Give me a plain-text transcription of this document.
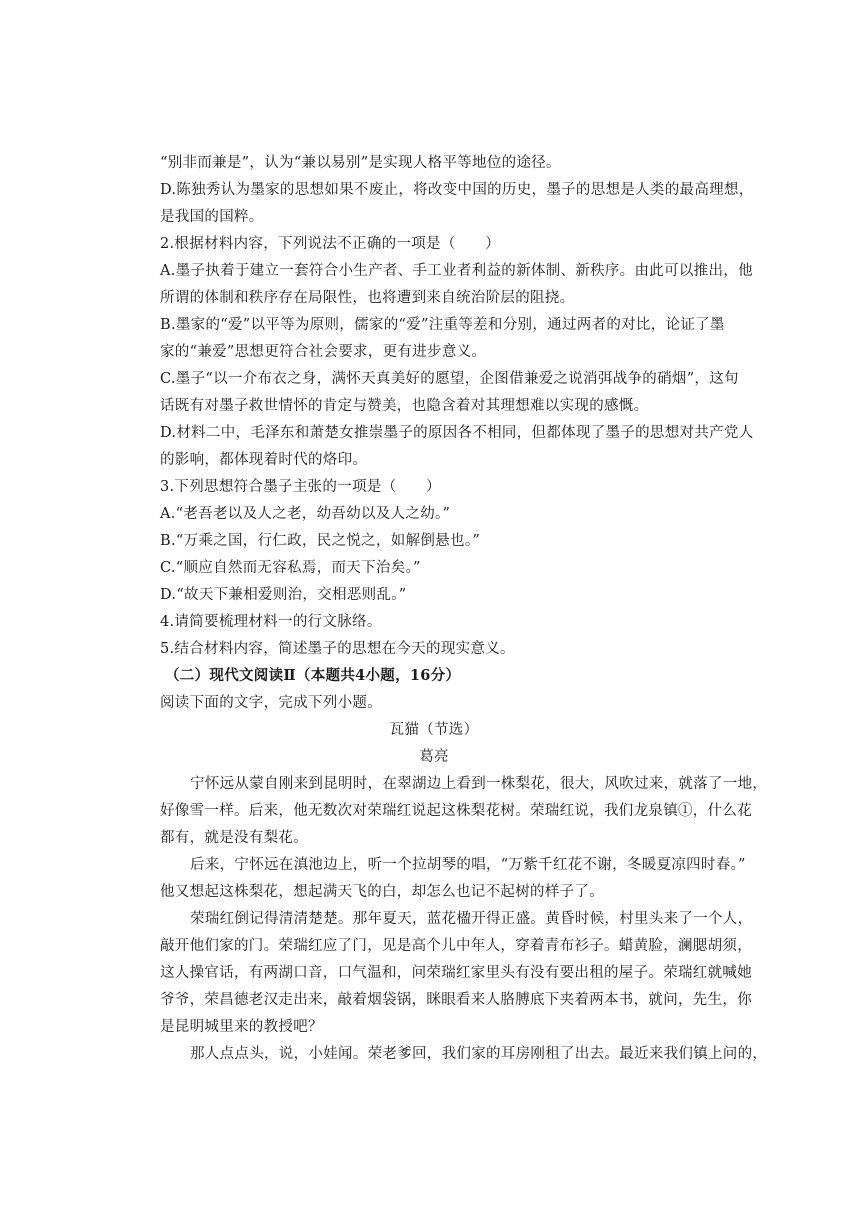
“别非而兼是”，认为“兼以易别”是实现人格平等地位的途径。
D.陈独秀认为墨家的思想如果不废止，将改变中国的历史，墨子的思想是人类的最高理想，
是我国的国粹。
2.根据材料内容，下列说法不正确的一项是（　　）
A.墨子执着于建立一套符合小生产者、手工业者利益的新体制、新秩序。由此可以推出，他
所谓的体制和秩序存在局限性，也将遭到来自统治阶层的阻挠。
B.墨家的“爱”以平等为原则，儒家的“爱”注重等差和分别，通过两者的对比，论证了墨
家的“兼爱”思想更符合社会要求，更有进步意义。
C.墨子“以一介布衣之身，满怀天真美好的愿望，企图借兼爱之说消弭战争的硝烟”，这句
话既有对墨子救世情怀的肯定与赞美，也隐含着对其理想难以实现的感慨。
D.材料二中，毛泽东和萧楚女推崇墨子的原因各不相同，但都体现了墨子的思想对共产党人
的影响，都体现着时代的烙印。
3.下列思想符合墨子主张的一项是（　　）
A.“老吾老以及人之老，幼吾幼以及人之幼。”
B.“万乘之国，行仁政，民之悦之，如解倒悬也。”
C.“顺应自然而无容私焉，而天下治矣。”
D.“故天下兼相爱则治，交相恶则乱。”
4.请简要梳理材料一的行文脉络。
5.结合材料内容，简述墨子的思想在今天的现实意义。
（二）现代文阅读Ⅱ（本题共4小题，16分）
阅读下面的文字，完成下列小题。
瓦猫（节选）
葛亮
宁怀远从蒙自刚来到昆明时，在翠湖边上看到一株梨花，很大，风吹过来，就落了一地，
好像雪一样。后来，他无数次对荣瑞红说起这株梨花树。荣瑞红说，我们龙泉镇①，什么花
都有，就是没有梨花。
后来，宁怀远在滇池边上，听一个拉胡琴的唱，“万紫千红花不谢，冬暖夏凉四时春。”
他又想起这株梨花，想起满天飞的白，却怎么也记不起树的样子了。
荣瑞红倒记得清清楚楚。那年夏天，蓝花楹开得正盛。黄昏时候，村里头来了一个人，
敲开他们家的门。荣瑞红应了门，见是高个儿中年人，穿着青布衫子。蜡黄脸，澜腮胡须，
这人操官话，有两湖口音，口气温和，问荣瑞红家里头有没有要出租的屋子。荣瑞红就喊她
爷爷，荣昌德老汉走出来，敲着烟袋锅，眯眼看来人胳膊底下夹着两本书，就问，先生，你
是昆明城里来的教授吧？
那人点点头，说，小娃闻。荣老爹回，我们家的耳房刚租了出去。最近来我们镇上问的，
